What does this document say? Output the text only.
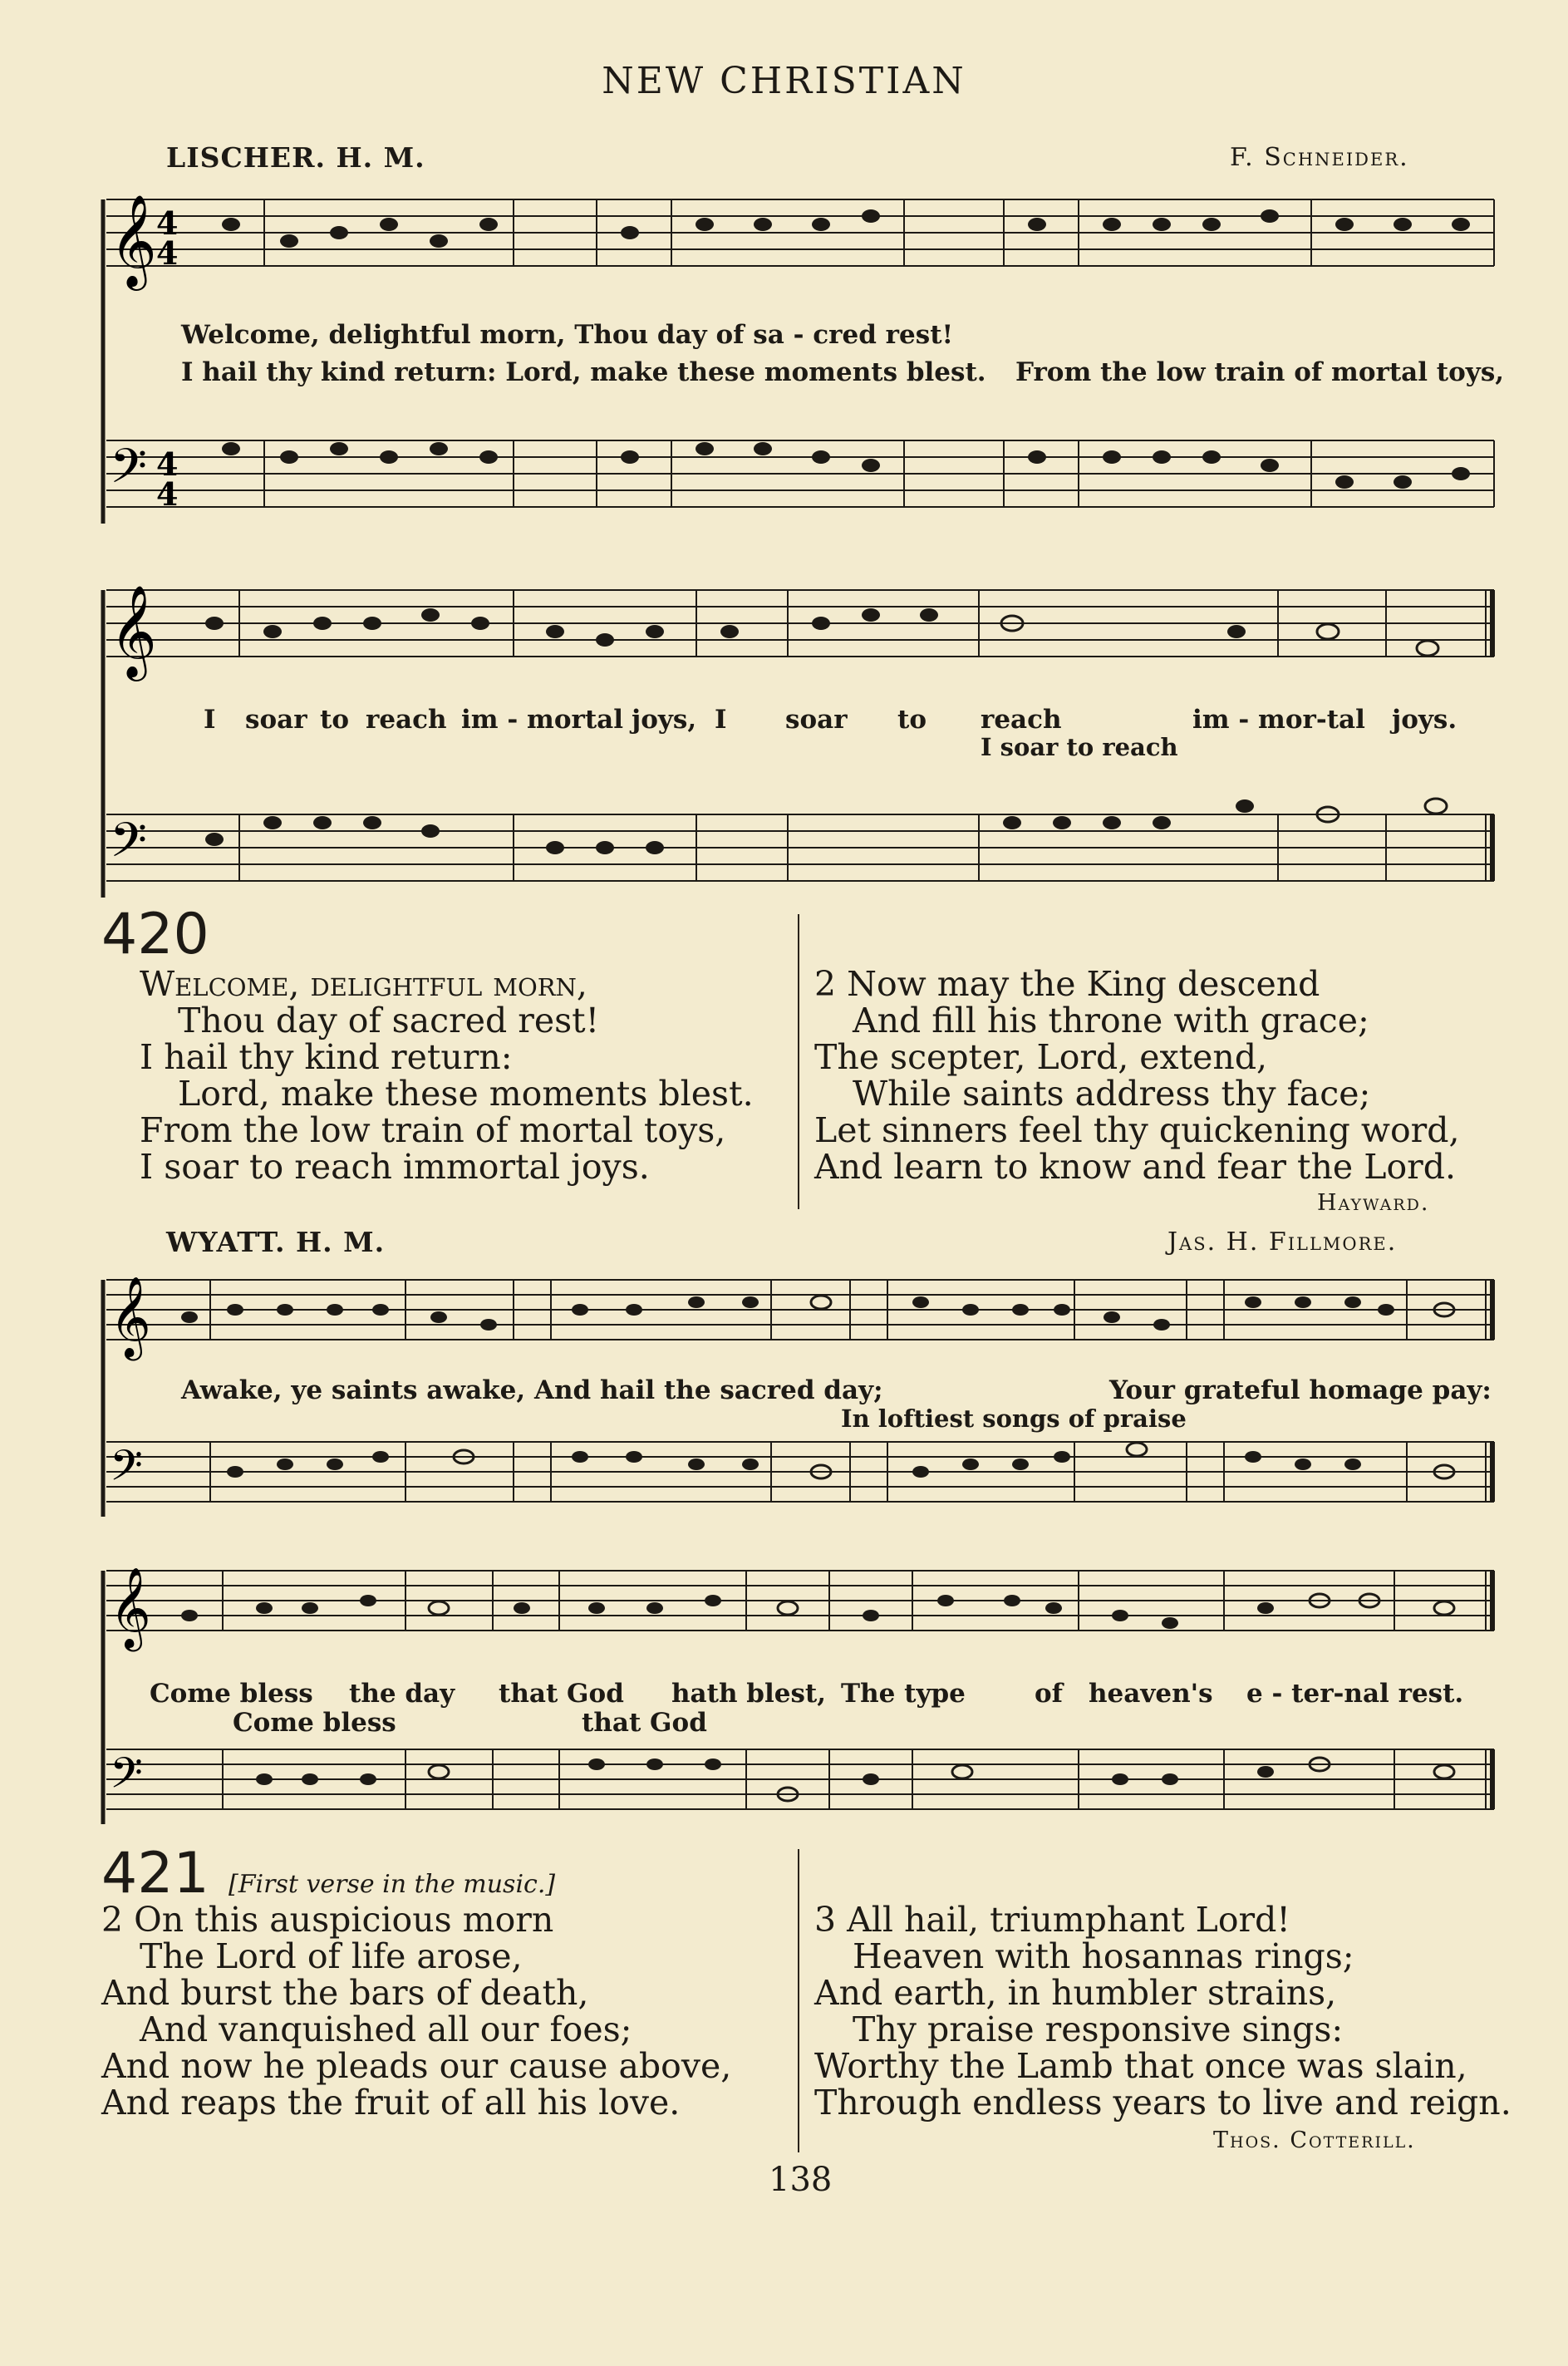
NEW CHRISTIAN
LISCHER. H. M.	F. Schneider.
𝄞
𝄢
4
4
4
4
Welcome, delightful morn, Thou day of sa - cred rest!
I hail thy kind return: Lord, make these moments blest. From the low train of mortal toys,
𝄞
𝄢
I soar to reach im - mortal joys, I soar to reach	im - mor-tal joys.
I soar to reach
420
Welcome, delightful morn,
Thou day of sacred rest!
I hail thy kind return:
Lord, make these moments blest.
From the low train of mortal toys,
I soar to reach immortal joys.
2 Now may the King descend
And fill his throne with grace;
The scepter, Lord, extend,
While saints address thy face;
Let sinners feel thy quickening word,
And learn to know and fear the Lord.
Hayward.
WYATT. H. M.	Jas. H. Fillmore.
𝄞
𝄢
Awake, ye saints awake, And hail the sacred day;	Your grateful homage pay:
In loftiest songs of praise
𝄞
𝄢
Come bless the day that God hath blest, The type	of heaven's e - ter-nal rest.
Come bless	that God
421 [First verse in the music.]
2 On this auspicious morn
The Lord of life arose,
And burst the bars of death,
And vanquished all our foes;
And now he pleads our cause above,
And reaps the fruit of all his love.
3 All hail, triumphant Lord!
Heaven with hosannas rings;
And earth, in humbler strains,
Thy praise responsive sings:
Worthy the Lamb that once was slain,
Through endless years to live and reign.
Thos. Cotterill.
138
